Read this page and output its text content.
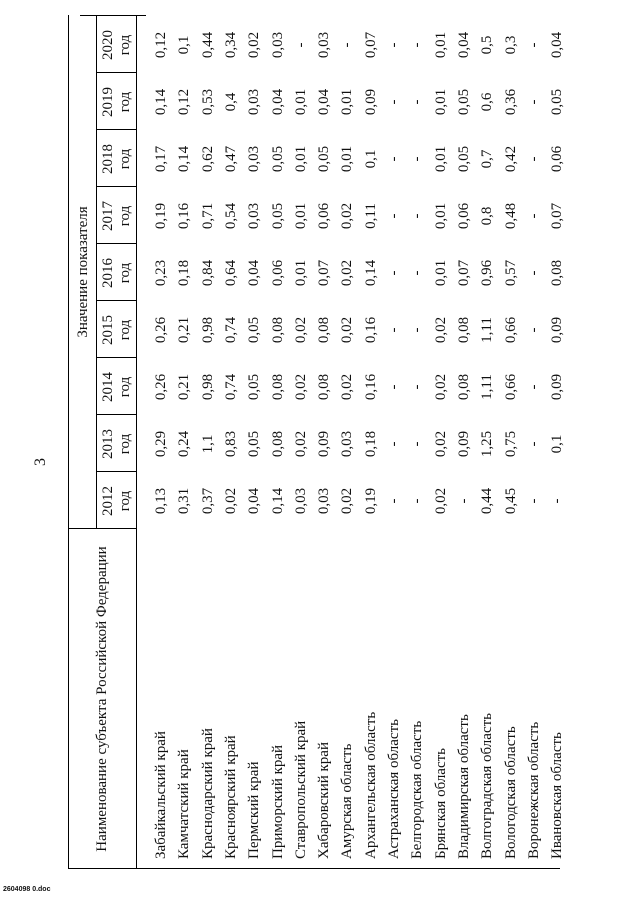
3
Наименование субъекта Российской Федерации
Значение показателя
2012 год
2013 год
2014 год
2015 год
2016 год
2017 год
2018 год
2019 год
2020 год
Забайкальский край
0,13
0,29
0,26
0,26
0,23
0,19
0,17
0,14
0,12
Камчатский край
0,31
0,24
0,21
0,21
0,18
0,16
0,14
0,12
0,1
Краснодарский край
0,37
1,1
0,98
0,98
0,84
0,71
0,62
0,53
0,44
Красноярский край
0,02
0,83
0,74
0,74
0,64
0,54
0,47
0,4
0,34
Пермский край
0,04
0,05
0,05
0,05
0,04
0,03
0,03
0,03
0,02
Приморский край
0,14
0,08
0,08
0,08
0,06
0,05
0,05
0,04
0,03
Ставропольский край
0,03
0,02
0,02
0,02
0,01
0,01
0,01
0,01
-
Хабаровский край
0,03
0,09
0,08
0,08
0,07
0,06
0,05
0,04
0,03
Амурская область
0,02
0,03
0,02
0,02
0,02
0,02
0,01
0,01
-
Архангельская область
0,19
0,18
0,16
0,16
0,14
0,11
0,1
0,09
0,07
Астраханская область
-
-
-
-
-
-
-
-
-
Белгородская область
-
-
-
-
-
-
-
-
-
Брянская область
0,02
0,02
0,02
0,02
0,01
0,01
0,01
0,01
0,01
Владимирская область
-
0,09
0,08
0,08
0,07
0,06
0,05
0,05
0,04
Волгоградская область
0,44
1,25
1,11
1,11
0,96
0,8
0,7
0,6
0,5
Вологодская область
0,45
0,75
0,66
0,66
0,57
0,48
0,42
0,36
0,3
Воронежская область
-
-
-
-
-
-
-
-
-
Ивановская область
-
0,1
0,09
0,09
0,08
0,07
0,06
0,05
0,04
2604098 0.doc
